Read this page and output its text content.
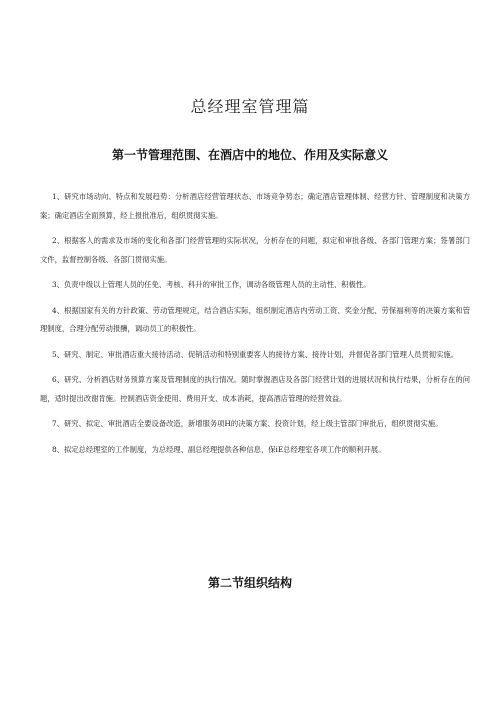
总经理室管理篇
第一节管理范围、在酒店中的地位、作用及实际意义

1、研究市场动向、特点和发展趋势：分析酒店经营管理状态、市场竞争势态；确定酒店管理体制、经营方针、管理制度和决策方案；确定酒店全面预算，经上报批准后，组织贯彻实施。

2、根据客人的需求及市场的变化和各部门经营管理的实际状况，分析存在的问题，拟定和审批各级、各部门管理方案；签署部门文件，监督控制各级、各部门贯彻实施。

3、负责中级以上管理人员的任免、考核、科升的审批工作，调动各级管理人员的主动性、积极性。

4、根据国家有关的方针政策、劳动管理规定，结合酒店实际，组织制定酒店内劳动工资、奖金分配、劳保福利等的决策方案和管理制度，合理分配劳动报酬，调动员工的积极性。

5、研究、制定、审批酒店重大接待活动、促销活动和特别重要客人的接待方案、接待计划，并督促各部门管理人员贯彻实施。

6、研究、分析酒店财务预算方案及管理制度的执行情况。随时掌握酒店及各部门经营计划的进展状况和执行结果，分析存在的问题，适时提出改谢肯施。控制酒店资金使用、费用开支、成本消耗，提高酒店管理的经营效益。

7、研究、拟定、审批酒店全要设备改造，新增服务项H的决策方案、投资计划，经上级主管部门审批后，组织贯彻实施。

8、拟定总经理室的工作制度，为总经理、副总经理提供各种信息，保iE总经理室各项工作的顺利开展。

第二节组织结构
